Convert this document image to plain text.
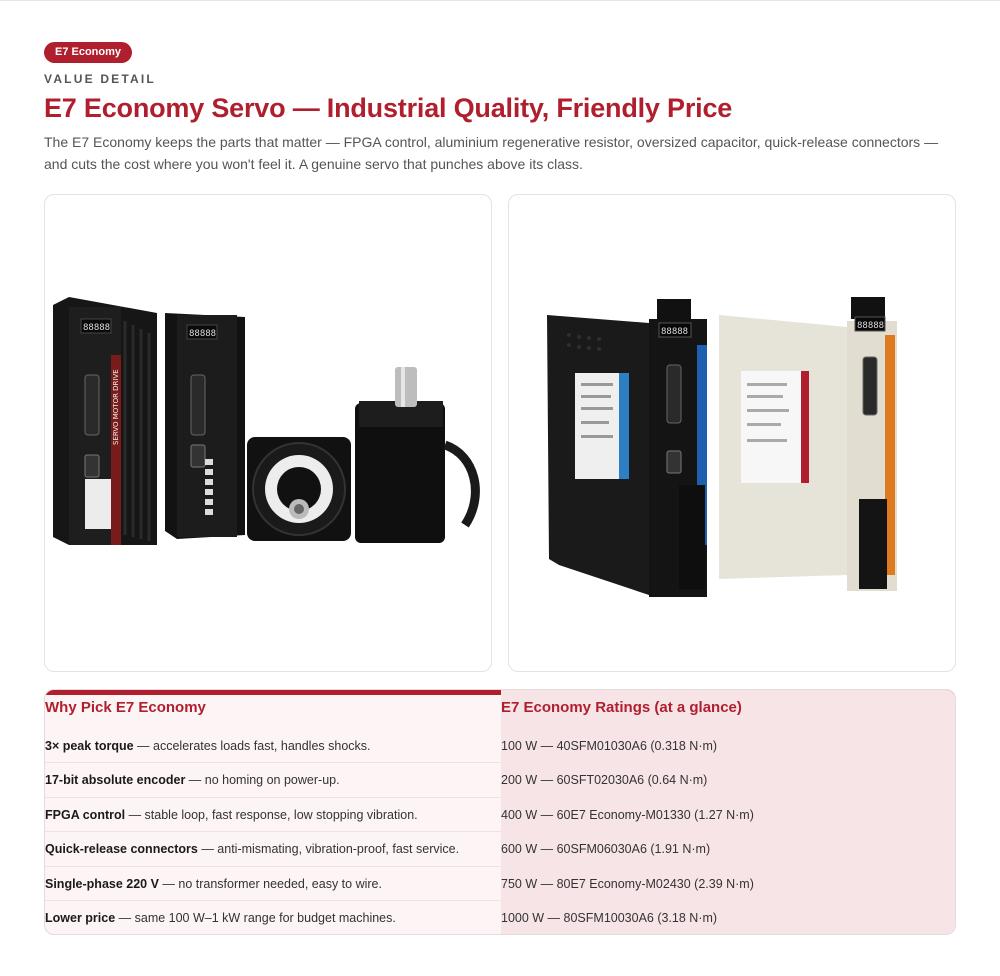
E7 Economy
VALUE DETAIL
E7 Economy Servo — Industrial Quality, Friendly Price

The E7 Economy keeps the parts that matter — FPGA control, aluminium regenerative resistor, oversized capacitor, quick-release connectors — and cuts the cost where you won't feel it. A genuine servo that punches above its class.

88888
SERVO MOTOR DRIVE
88888	88888
88888
Why Pick E7 Economy
3× peak torque — accelerates loads fast, handles shocks.
17-bit absolute encoder — no homing on power-up.
FPGA control — stable loop, fast response, low stopping vibration.
Quick-release connectors — anti-mismating, vibration-proof, fast service.
Single-phase 220 V — no transformer needed, easy to wire.
Lower price — same 100 W–1 kW range for budget machines.
E7 Economy Ratings (at a glance)
100 W — 40SFM01030A6 (0.318 N·m)
200 W — 60SFT02030A6 (0.64 N·m)
400 W — 60E7 Economy-M01330 (1.27 N·m)
600 W — 60SFM06030A6 (1.91 N·m)
750 W — 80E7 Economy-M02430 (2.39 N·m)
1000 W — 80SFM10030A6 (3.18 N·m)
